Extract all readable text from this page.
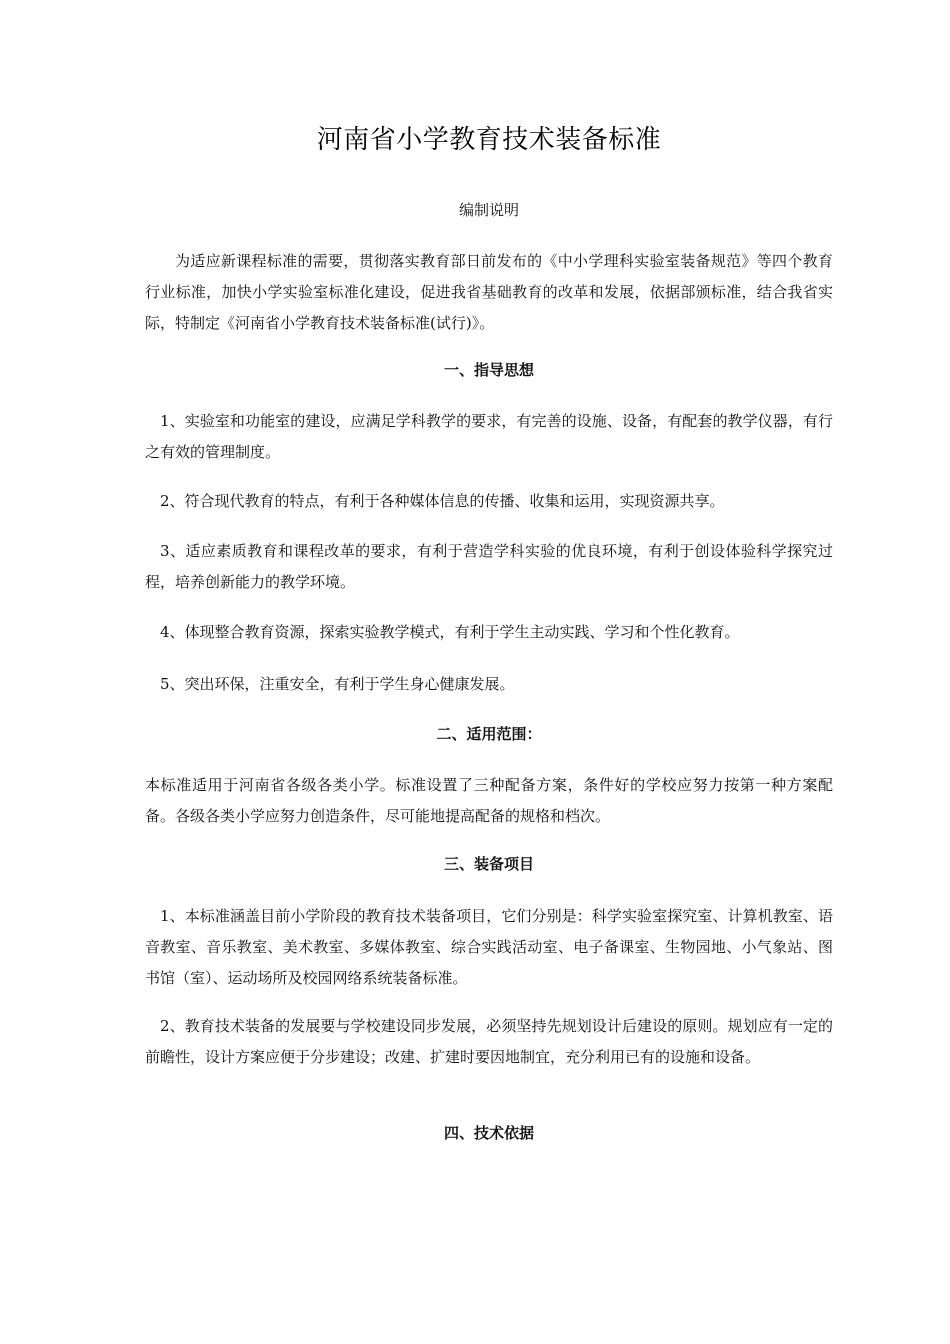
河南省小学教育技术装备标准
编制说明

为适应新课程标准的需要，贯彻落实教育部日前发布的《中小学理科实验室装备规范》等四个教育行业标准，加快小学实验室标准化建设，促进我省基础教育的改革和发展，依据部颁标准，结合我省实际，特制定《河南省小学教育技术装备标准(试行)》。

一、指导思想

1、实验室和功能室的建设，应满足学科教学的要求，有完善的设施、设备，有配套的教学仪器，有行之有效的管理制度。

2、符合现代教育的特点，有利于各种媒体信息的传播、收集和运用，实现资源共享。

3、适应素质教育和课程改革的要求，有利于营造学科实验的优良环境，有利于创设体验科学探究过程，培养创新能力的教学环境。

4、体现整合教育资源，探索实验教学模式，有利于学生主动实践、学习和个性化教育。

5、突出环保，注重安全，有利于学生身心健康发展。

二、适用范围：

本标准适用于河南省各级各类小学。标准设置了三种配备方案，条件好的学校应努力按第一种方案配备。各级各类小学应努力创造条件，尽可能地提高配备的规格和档次。

三、装备项目

1、本标准涵盖目前小学阶段的教育技术装备项目，它们分别是：科学实验室探究室、计算机教室、语音教室、音乐教室、美术教室、多媒体教室、综合实践活动室、电子备课室、生物园地、小气象站、图书馆（室）、运动场所及校园网络系统装备标准。

2、教育技术装备的发展要与学校建设同步发展，必须坚持先规划设计后建设的原则。规划应有一定的前瞻性，设计方案应便于分步建设；改建、扩建时要因地制宜，充分利用已有的设施和设备。

四、技术依据
